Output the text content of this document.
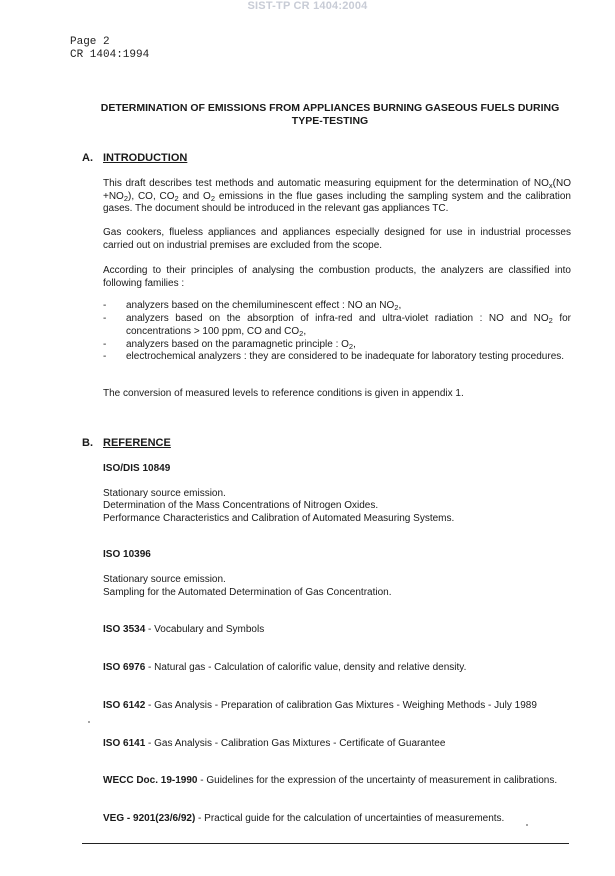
SIST-TP CR 1404:2004
Page 2
CR 1404:1994
DETERMINATION OF EMISSIONS FROM APPLIANCES BURNING GASEOUS FUELS DURING
TYPE-TESTING
A. INTRODUCTION
This draft describes test methods and automatic measuring equipment for the determination of $NO_x(NO +NO_2)$, CO, $CO_2$ and $O_2$ emissions in the flue gases including the sampling system and the calibration gases. The document should be introduced in the relevant gas appliances TC.
Gas cookers, flueless appliances and appliances especially designed for use in industrial processes carried out on industrial premises are excluded from the scope.
According to their principles of analysing the combustion products, the analyzers are classified into following families :
- analyzers based on the chemiluminescent effect : NO an $NO_2$,
- analyzers based on the absorption of infra-red and ultra-violet radiation : NO and $NO_2$ for concentrations > 100 ppm, CO and $CO_2$,
- analyzers based on the paramagnetic principle : $O_2$,
- electrochemical analyzers : they are considered to be inadequate for laboratory testing procedures.
The conversion of measured levels to reference conditions is given in appendix 1.
B. REFERENCE
ISO/DIS 10849
Stationary source emission.
Determination of the Mass Concentrations of Nitrogen Oxides.
Performance Characteristics and Calibration of Automated Measuring Systems.
ISO 10396
Stationary source emission.
Sampling for the Automated Determination of Gas Concentration.
ISO 3534 - Vocabulary and Symbols
ISO 6976 - Natural gas - Calculation of calorific value, density and relative density.
ISO 6142 - Gas Analysis - Preparation of calibration Gas Mixtures - Weighing Methods - July 1989
ISO 6141 - Gas Analysis - Calibration Gas Mixtures - Certificate of Guarantee
WECC Doc. 19-1990 - Guidelines for the expression of the uncertainty of measurement in calibrations.
VEG - 9201(23/6/92) - Practical guide for the calculation of uncertainties of measurements.
